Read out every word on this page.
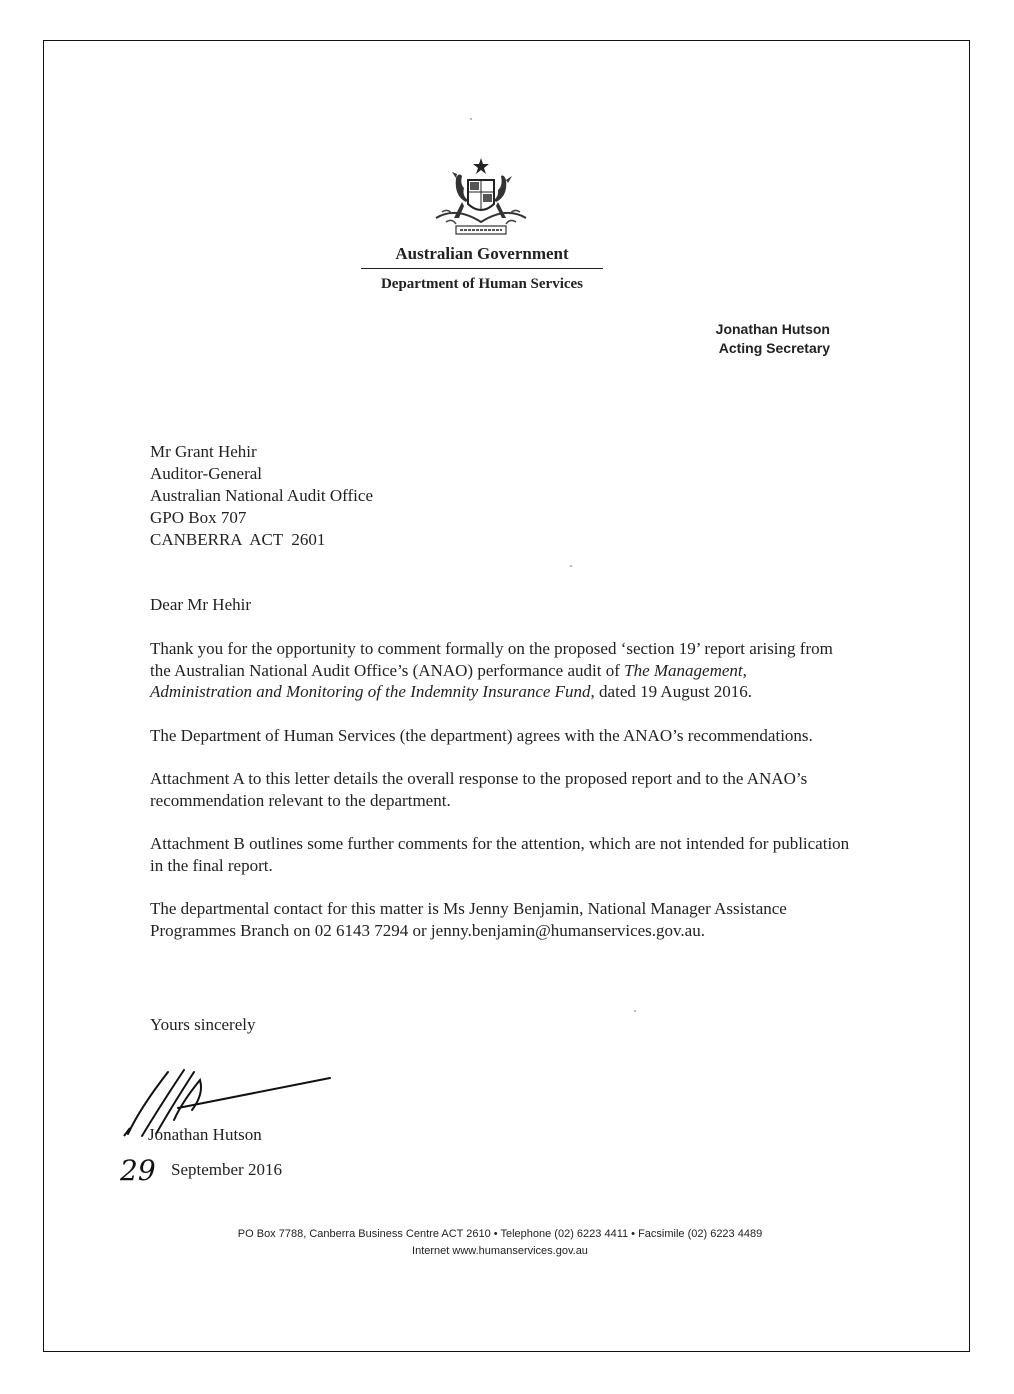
Australian Government
Department of Human Services
Jonathan Hutson
Acting Secretary
Mr Grant Hehir
Auditor-General
Australian National Audit Office
GPO Box 707
CANBERRA  ACT  2601
Dear Mr Hehir

Thank you for the opportunity to comment formally on the proposed ‘section 19’ report arising from the Australian National Audit Office’s (ANAO) performance audit of The Management, Administration and Monitoring of the Indemnity Insurance Fund, dated 19 August 2016.

The Department of Human Services (the department) agrees with the ANAO’s recommendations.

Attachment A to this letter details the overall response to the proposed report and to the ANAO’s recommendation relevant to the department.

Attachment B outlines some further comments for the attention, which are not intended for publication in the final report.

The departmental contact for this matter is Ms Jenny Benjamin, National Manager Assistance Programmes Branch on 02 6143 7294 or jenny.benjamin@humanservices.gov.au.

Yours sincerely
Jonathan Hutson
29 September 2016
PO Box 7788, Canberra Business Centre ACT 2610 • Telephone (02) 6223 4411 • Facsimile (02) 6223 4489
Internet www.humanservices.gov.au
